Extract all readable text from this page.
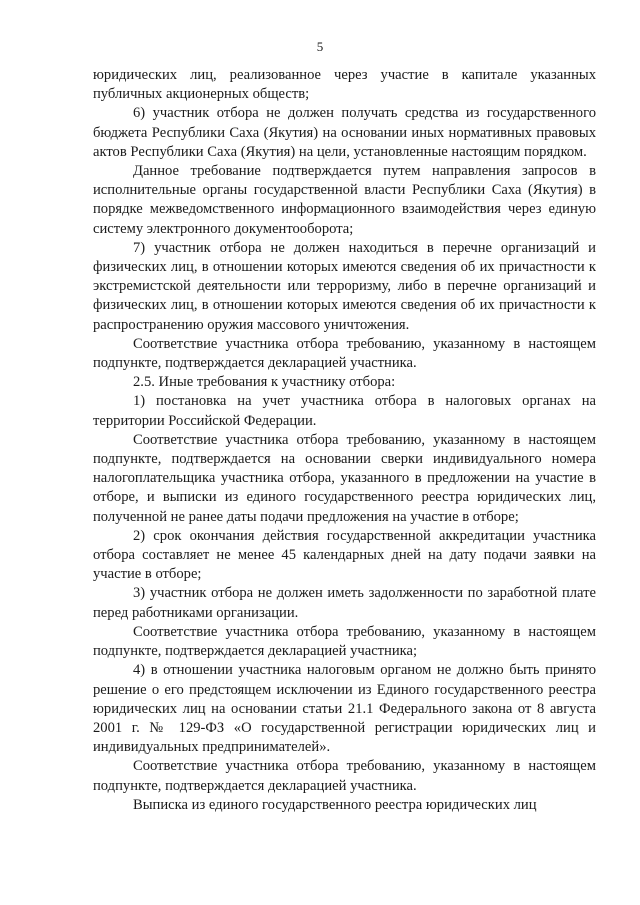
5

юридических лиц, реализованное через участие в капитале указанных публичных акционерных обществ;

6) участник отбора не должен получать средства из государственного бюджета Республики Саха (Якутия) на основании иных нормативных правовых актов Республики Саха (Якутия) на цели, установленные настоящим порядком.

Данное требование подтверждается путем направления запросов в исполнительные органы государственной власти Республики Саха (Якутия) в порядке межведомственного информационного взаимодействия через единую систему электронного документооборота;

7) участник отбора не должен находиться в перечне организаций и физических лиц, в отношении которых имеются сведения об их причастности к экстремистской деятельности или терроризму, либо в перечне организаций и физических лиц, в отношении которых имеются сведения об их причастности к распространению оружия массового уничтожения.

Соответствие участника отбора требованию, указанному в настоящем подпункте, подтверждается декларацией участника.

2.5. Иные требования к участнику отбора:

1) постановка на учет участника отбора в налоговых органах на территории Российской Федерации.

Соответствие участника отбора требованию, указанному в настоящем подпункте, подтверждается на основании сверки индивидуального номера налогоплательщика участника отбора, указанного в предложении на участие в отборе, и выписки из единого государственного реестра юридических лиц, полученной не ранее даты подачи предложения на участие в отборе;

2) срок окончания действия государственной аккредитации участника отбора составляет не менее 45 календарных дней на дату подачи заявки на участие в отборе;

3) участник отбора не должен иметь задолженности по заработной плате перед работниками организации.

Соответствие участника отбора требованию, указанному в настоящем подпункте, подтверждается декларацией участника;

4) в отношении участника налоговым органом не должно быть принято решение о его предстоящем исключении из Единого государственного реестра юридических лиц на основании статьи 21.1 Федерального закона от 8 августа 2001 г. № 129-ФЗ «О государственной регистрации юридических лиц и индивидуальных предпринимателей».

Соответствие участника отбора требованию, указанному в настоящем подпункте, подтверждается декларацией участника.

Выписка из единого государственного реестра юридических лиц
